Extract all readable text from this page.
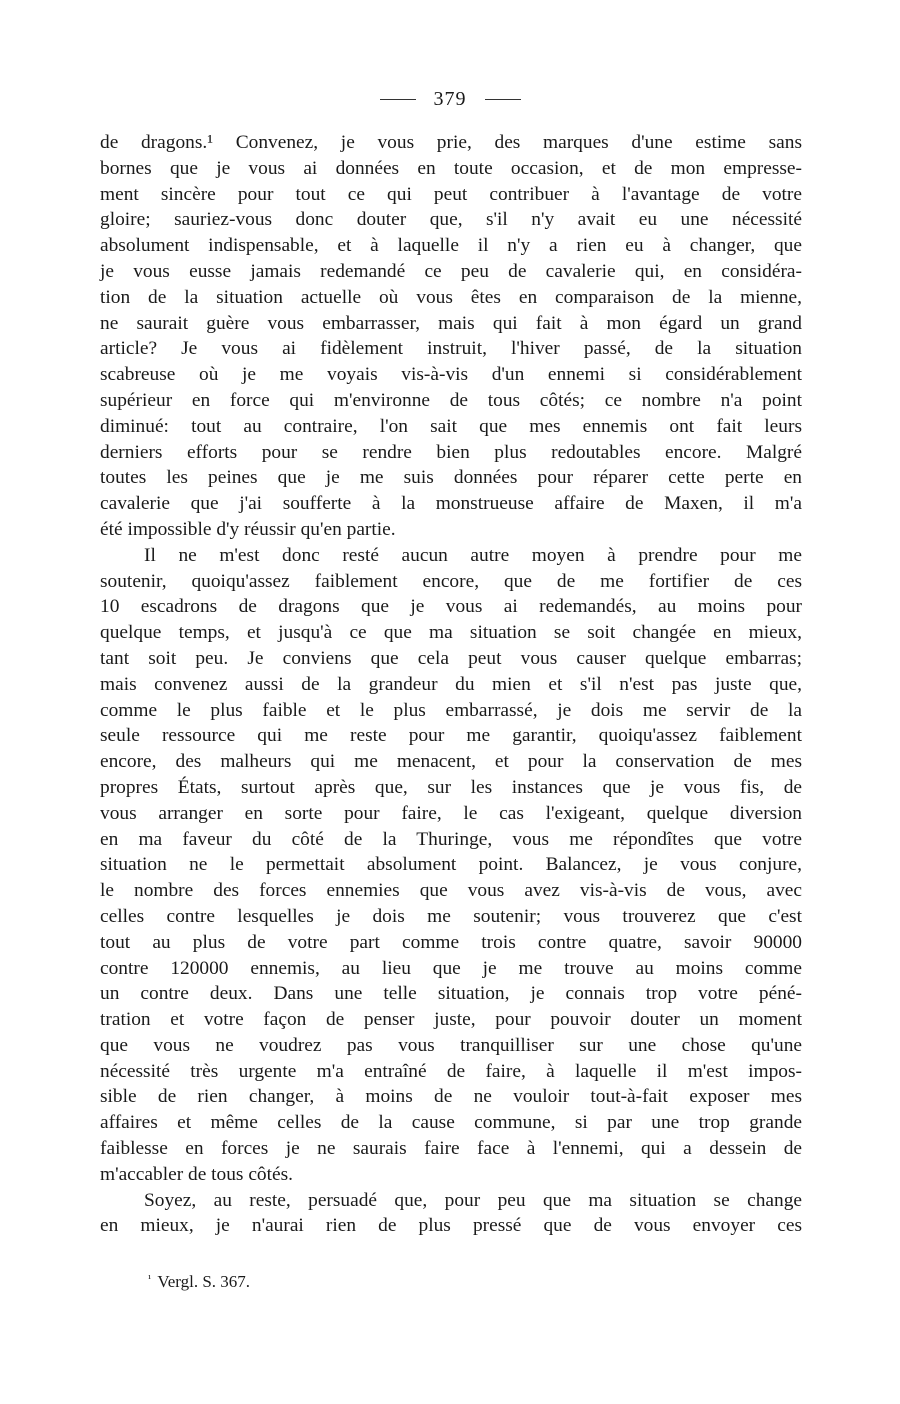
379
de dragons.¹ Convenez, je vous prie, des marques d'une estime sans
bornes que je vous ai données en toute occasion, et de mon empresse-
ment sincère pour tout ce qui peut contribuer à l'avantage de votre
gloire; sauriez-vous donc douter que, s'il n'y avait eu une nécessité
absolument indispensable, et à laquelle il n'y a rien eu à changer, que
je vous eusse jamais redemandé ce peu de cavalerie qui, en considéra-
tion de la situation actuelle où vous êtes en comparaison de la mienne,
ne saurait guère vous embarrasser, mais qui fait à mon égard un grand
article? Je vous ai fidèlement instruit, l'hiver passé, de la situation
scabreuse où je me voyais vis-à-vis d'un ennemi si considérablement
supérieur en force qui m'environne de tous côtés; ce nombre n'a point
diminué: tout au contraire, l'on sait que mes ennemis ont fait leurs
derniers efforts pour se rendre bien plus redoutables encore. Malgré
toutes les peines que je me suis données pour réparer cette perte en
cavalerie que j'ai soufferte à la monstrueuse affaire de Maxen, il m'a
été impossible d'y réussir qu'en partie.
Il ne m'est donc resté aucun autre moyen à prendre pour me
soutenir, quoiqu'assez faiblement encore, que de me fortifier de ces
10 escadrons de dragons que je vous ai redemandés, au moins pour
quelque temps, et jusqu'à ce que ma situation se soit changée en mieux,
tant soit peu. Je conviens que cela peut vous causer quelque embarras;
mais convenez aussi de la grandeur du mien et s'il n'est pas juste que,
comme le plus faible et le plus embarrassé, je dois me servir de la
seule ressource qui me reste pour me garantir, quoiqu'assez faiblement
encore, des malheurs qui me menacent, et pour la conservation de mes
propres États, surtout après que, sur les instances que je vous fis, de
vous arranger en sorte pour faire, le cas l'exigeant, quelque diversion
en ma faveur du côté de la Thuringe, vous me répondîtes que votre
situation ne le permettait absolument point. Balancez, je vous conjure,
le nombre des forces ennemies que vous avez vis-à-vis de vous, avec
celles contre lesquelles je dois me soutenir; vous trouverez que c'est
tout au plus de votre part comme trois contre quatre, savoir 90000
contre 120000 ennemis, au lieu que je me trouve au moins comme
un contre deux. Dans une telle situation, je connais trop votre péné-
tration et votre façon de penser juste, pour pouvoir douter un moment
que vous ne voudrez pas vous tranquilliser sur une chose qu'une
nécessité très urgente m'a entraîné de faire, à laquelle il m'est impos-
sible de rien changer, à moins de ne vouloir tout-à-fait exposer mes
affaires et même celles de la cause commune, si par une trop grande
faiblesse en forces je ne saurais faire face à l'ennemi, qui a dessein de
m'accabler de tous côtés.
Soyez, au reste, persuadé que, pour peu que ma situation se change
en mieux, je n'aurai rien de plus pressé que de vous envoyer ces
$^{^1}$ Vergl. S. 367.
